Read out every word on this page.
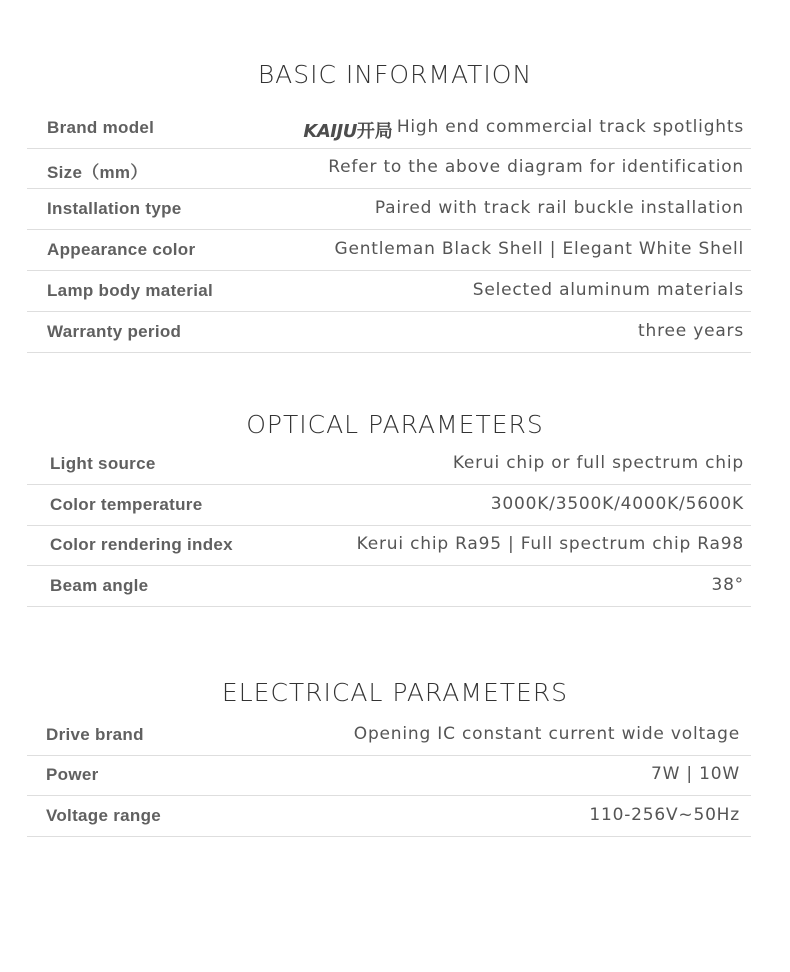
BASIC INFORMATION
Brand model	KAIJU开局 High end commercial track spotlights
Size（mm）	Refer to the above diagram for identification
Installation type	Paired with track rail buckle installation
Appearance color	Gentleman Black Shell | Elegant White Shell
Lamp body material	Selected aluminum materials
Warranty period	three years
OPTICAL PARAMETERS
Light source	Kerui chip or full spectrum chip
Color temperature	3000K/3500K/4000K/5600K
Color rendering index	Kerui chip Ra95 | Full spectrum chip Ra98
Beam angle	38°
ELECTRICAL PARAMETERS
Drive brand	Opening IC constant current wide voltage
Power	7W | 10W
Voltage range	110-256V~50Hz
